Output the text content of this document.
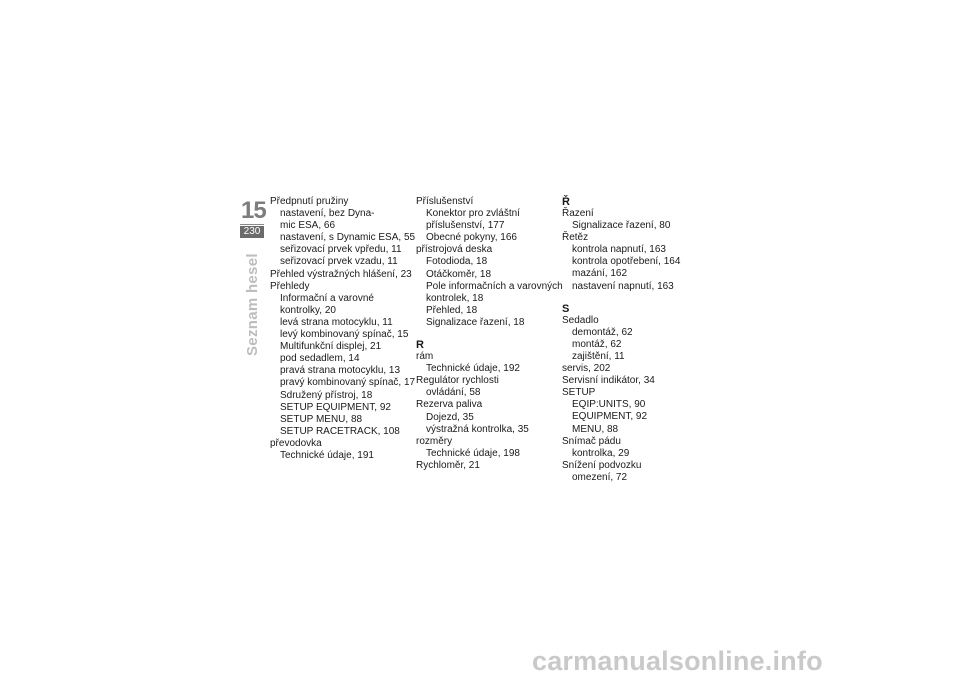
15
230
Seznam hesel
Předpnutí pružiny
nastavení, bez Dyna-
mic ESA, 66
nastavení, s Dynamic ESA, 55
seřizovací prvek vpředu, 11
seřizovací prvek vzadu, 11
Přehled výstražných hlášení, 23
Přehledy
Informační a varovné
kontrolky, 20
levá strana motocyklu, 11
levý kombinovaný spínač, 15
Multifunkční displej, 21
pod sedadlem, 14
pravá strana motocyklu, 13
pravý kombinovaný spínač, 17
Sdružený přístroj, 18
SETUP EQUIPMENT, 92
SETUP MENU, 88
SETUP RACETRACK, 108
převodovka
Technické údaje, 191
Příslušenství
Konektor pro zvláštní
příslušenství, 177
Obecné pokyny, 166
přístrojová deska
Fotodioda, 18
Otáčkoměr, 18
Pole informačních a varovných
kontrolek, 18
Přehled, 18
Signalizace řazení, 18
R
rám
Technické údaje, 192
Regulátor rychlosti
ovládání, 58
Rezerva paliva
Dojezd, 35
výstražná kontrolka, 35
rozměry
Technické údaje, 198
Rychloměr, 21
Ř
Řazení
Signalizace řazení, 80
Řetěz
kontrola napnutí, 163
kontrola opotřebení, 164
mazání, 162
nastavení napnutí, 163
S
Sedadlo
demontáž, 62
montáž, 62
zajištění, 11
servis, 202
Servisní indikátor, 34
SETUP
EQIP:UNITS, 90
EQUIPMENT, 92
MENU, 88
Snímač pádu
kontrolka, 29
Snížení podvozku
omezení, 72
carmanualsonline.info
